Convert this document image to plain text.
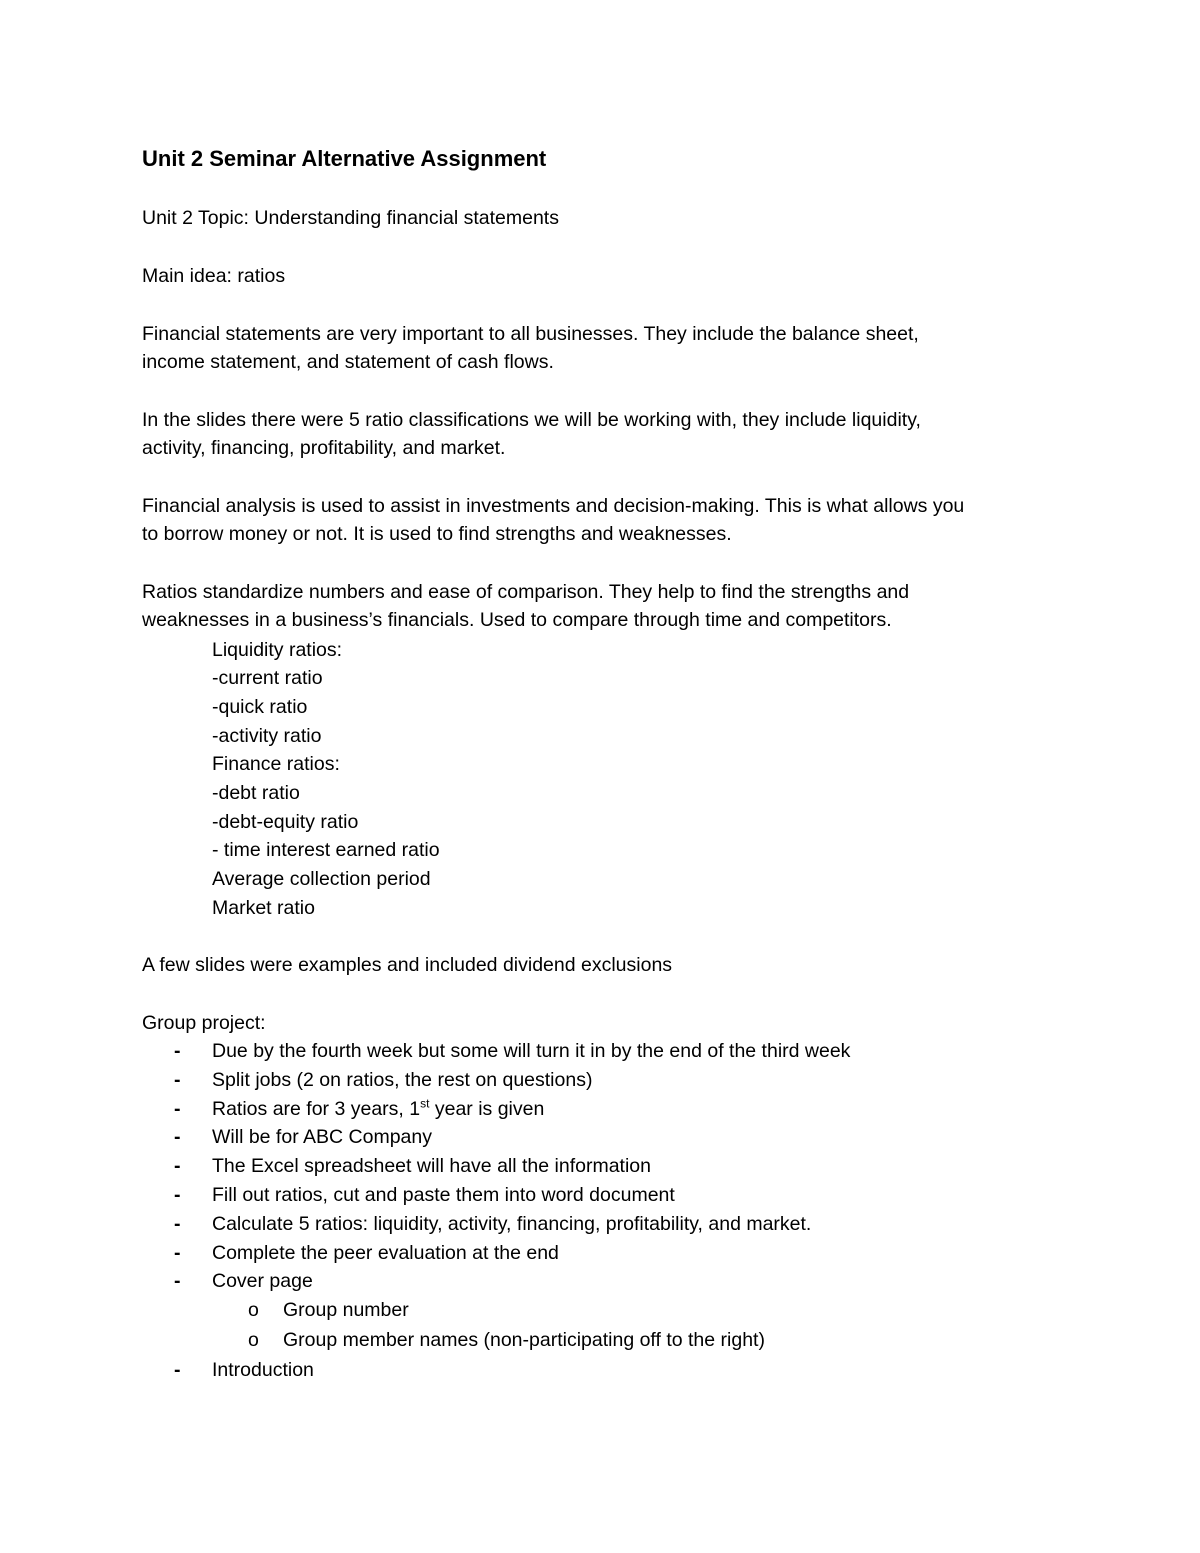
Unit 2 Seminar Alternative Assignment
Unit 2 Topic: Understanding financial statements
Main idea: ratios
Financial statements are very important to all businesses. They include the balance sheet,
income statement, and statement of cash flows.
In the slides there were 5 ratio classifications we will be working with, they include liquidity,
activity, financing, profitability, and market.
Financial analysis is used to assist in investments and decision-making. This is what allows you
to borrow money or not. It is used to find strengths and weaknesses.
Ratios standardize numbers and ease of comparison. They help to find the strengths and
weaknesses in a business’s financials. Used to compare through time and competitors.
Liquidity ratios:
-current ratio
-quick ratio
-activity ratio
Finance ratios:
-debt ratio
-debt-equity ratio
- time interest earned ratio
Average collection period
Market ratio
A few slides were examples and included dividend exclusions
Group project:
- Due by the fourth week but some will turn it in by the end of the third week
- Split jobs (2 on ratios, the rest on questions)
- Ratios are for 3 years, 1st year is given
- Will be for ABC Company
- The Excel spreadsheet will have all the information
- Fill out ratios, cut and paste them into word document
- Calculate 5 ratios: liquidity, activity, financing, profitability, and market.
- Complete the peer evaluation at the end
- Cover page
o Group number
o Group member names (non-participating off to the right)
- Introduction
